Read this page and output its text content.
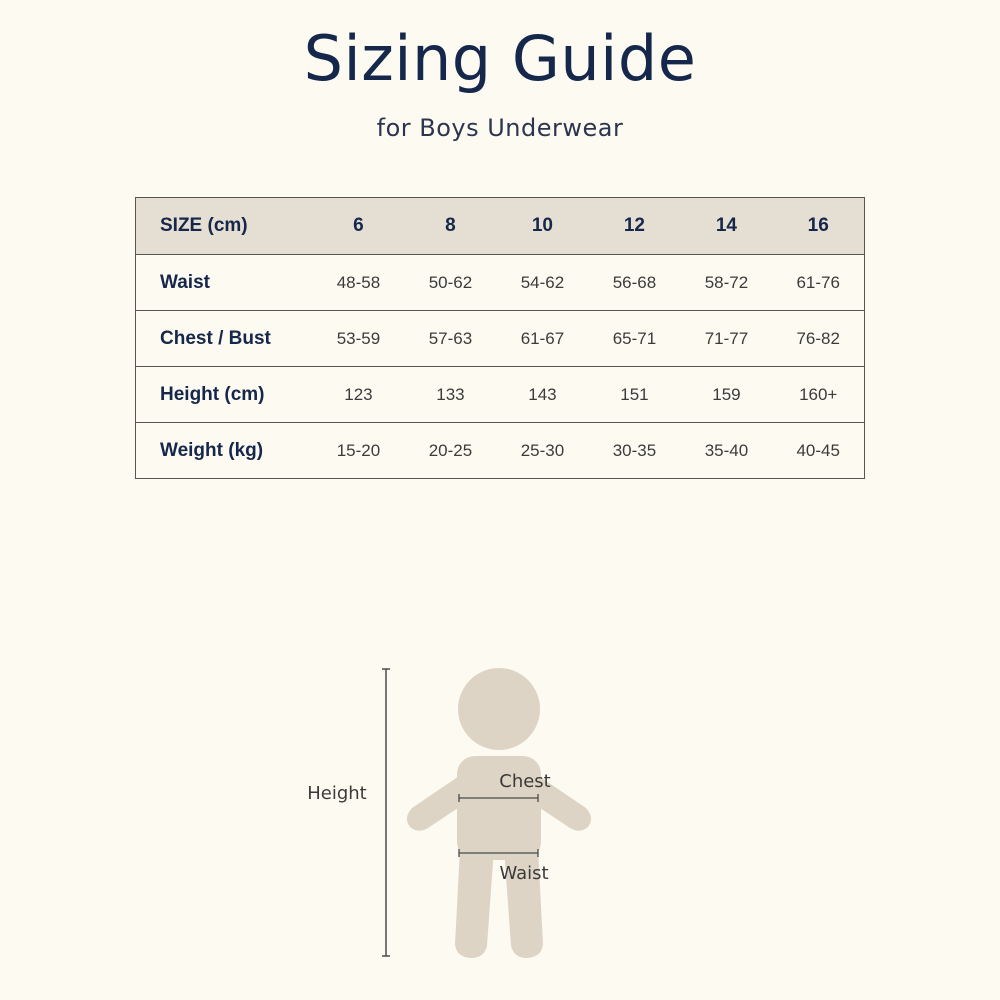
Sizing Guide
for Boys Underwear
SIZE (cm)	6	8	10	12	14	16
Waist	48-58	50-62	54-62	56-68	58-72	61-76
Chest / Bust	53-59	57-63	61-67	65-71	71-77	76-82
Height (cm)	123	133	143	151	159	160+
Weight (kg)	15-20	20-25	25-30	30-35	35-40	40-45
Height
Chest
Waist
